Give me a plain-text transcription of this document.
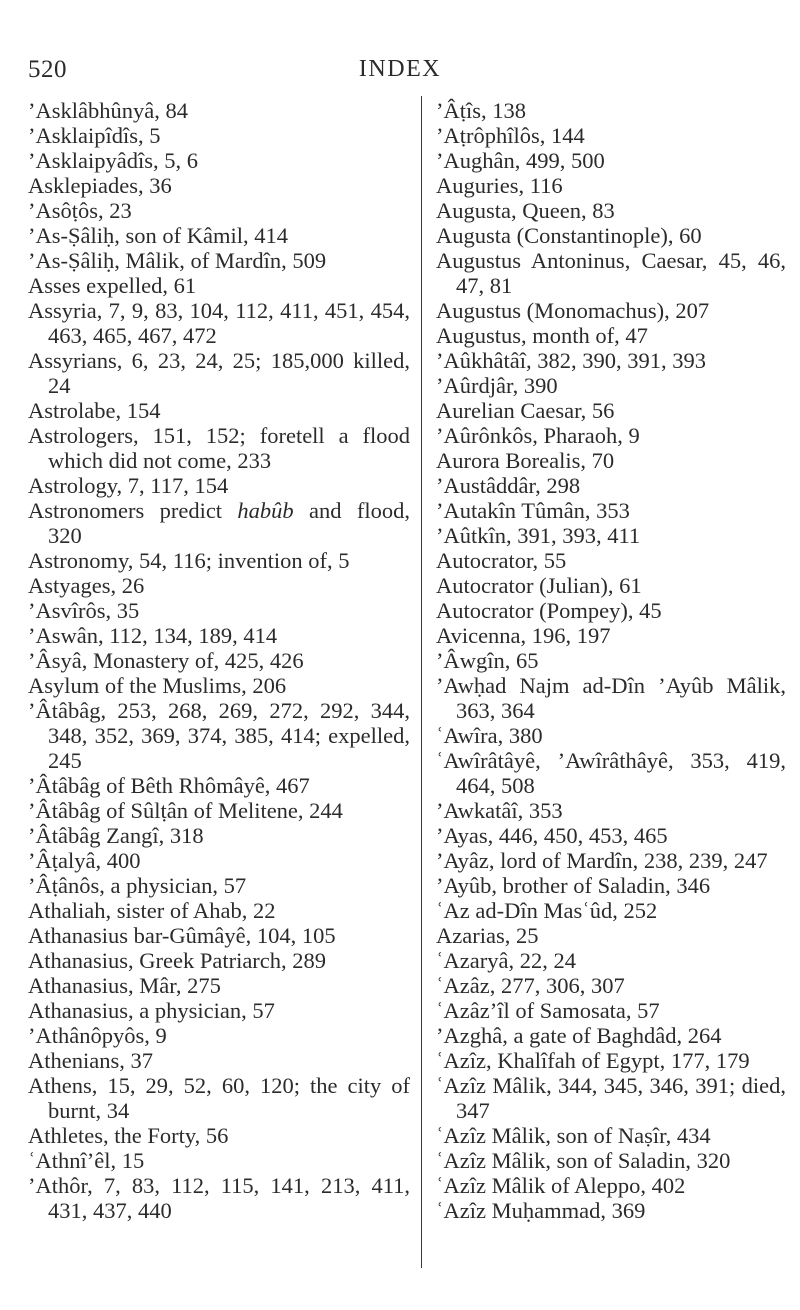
520	INDEX

’Asklâbhûnyâ, 84

’Asklaipîdîs, 5

’Asklaipyâdîs, 5, 6

Asklepiades, 36

’Asôṭôs, 23

’As-Ṣâliḥ, son of Kâmil, 414

’As-Ṣâliḥ, Mâlik, of Mardîn, 509

Asses expelled, 61

Assyria, 7, 9, 83, 104, 112, 411, 451, 454, 463, 465, 467, 472

Assyrians, 6, 23, 24, 25; 185,000 killed, 24

Astrolabe, 154

Astrologers, 151, 152; foretell a flood which did not come, 233

Astrology, 7, 117, 154

Astronomers predict habûb and flood, 320

Astronomy, 54, 116; invention of, 5

Astyages, 26

’Asvîrôs, 35

’Aswân, 112, 134, 189, 414

’Âsyâ, Monastery of, 425, 426

Asylum of the Muslims, 206

’Âtâbâg, 253, 268, 269, 272, 292, 344, 348, 352, 369, 374, 385, 414; expelled, 245

’Âtâbâg of Bêth Rhômâyê, 467

’Âtâbâg of Sûlṭân of Melitene, 244

’Âtâbâg Zangî, 318

’Âṭalyâ, 400

’Âṭânôs, a physician, 57

Athaliah, sister of Ahab, 22

Athanasius bar-Gûmâyê, 104, 105

Athanasius, Greek Patriarch, 289

Athanasius, Mâr, 275

Athanasius, a physician, 57

’Athânôpyôs, 9

Athenians, 37

Athens, 15, 29, 52, 60, 120; the city of burnt, 34

Athletes, the Forty, 56

ʿAthnî’êl, 15

’Athôr, 7, 83, 112, 115, 141, 213, 411, 431, 437, 440

’Âṭîs, 138

’Aṭrôphîlôs, 144

’Aughân, 499, 500

Auguries, 116

Augusta, Queen, 83

Augusta (Constantinople), 60

Augustus Antoninus, Caesar, 45, 46, 47, 81

Augustus (Monomachus), 207

Augustus, month of, 47

’Aûkhâtâî, 382, 390, 391, 393

’Aûrdjâr, 390

Aurelian Caesar, 56

’Aûrônkôs, Pharaoh, 9

Aurora Borealis, 70

’Austâddâr, 298

’Autakîn Tûmân, 353

’Aûtkîn, 391, 393, 411

Autocrator, 55

Autocrator (Julian), 61

Autocrator (Pompey), 45

Avicenna, 196, 197

’Âwgîn, 65

’Awḥad Najm ad-Dîn ’Ayûb Mâlik, 363, 364

ʿAwîra, 380

ʿAwîrâtâyê, ’Awîrâthâyê, 353, 419, 464, 508

’Awkatâî, 353

’Ayas, 446, 450, 453, 465

’Ayâz, lord of Mardîn, 238, 239, 247

’Ayûb, brother of Saladin, 346

ʿAz ad-Dîn Masʿûd, 252

Azarias, 25

ʿAzaryâ, 22, 24

ʿAzâz, 277, 306, 307

ʿAzâz’îl of Samosata, 57

’Azghâ, a gate of Baghdâd, 264

ʿAzîz, Khalîfah of Egypt, 177, 179

ʿAzîz Mâlik, 344, 345, 346, 391; died, 347

ʿAzîz Mâlik, son of Naṣîr, 434

ʿAzîz Mâlik, son of Saladin, 320

ʿAzîz Mâlik of Aleppo, 402

ʿAzîz Muḥammad, 369
